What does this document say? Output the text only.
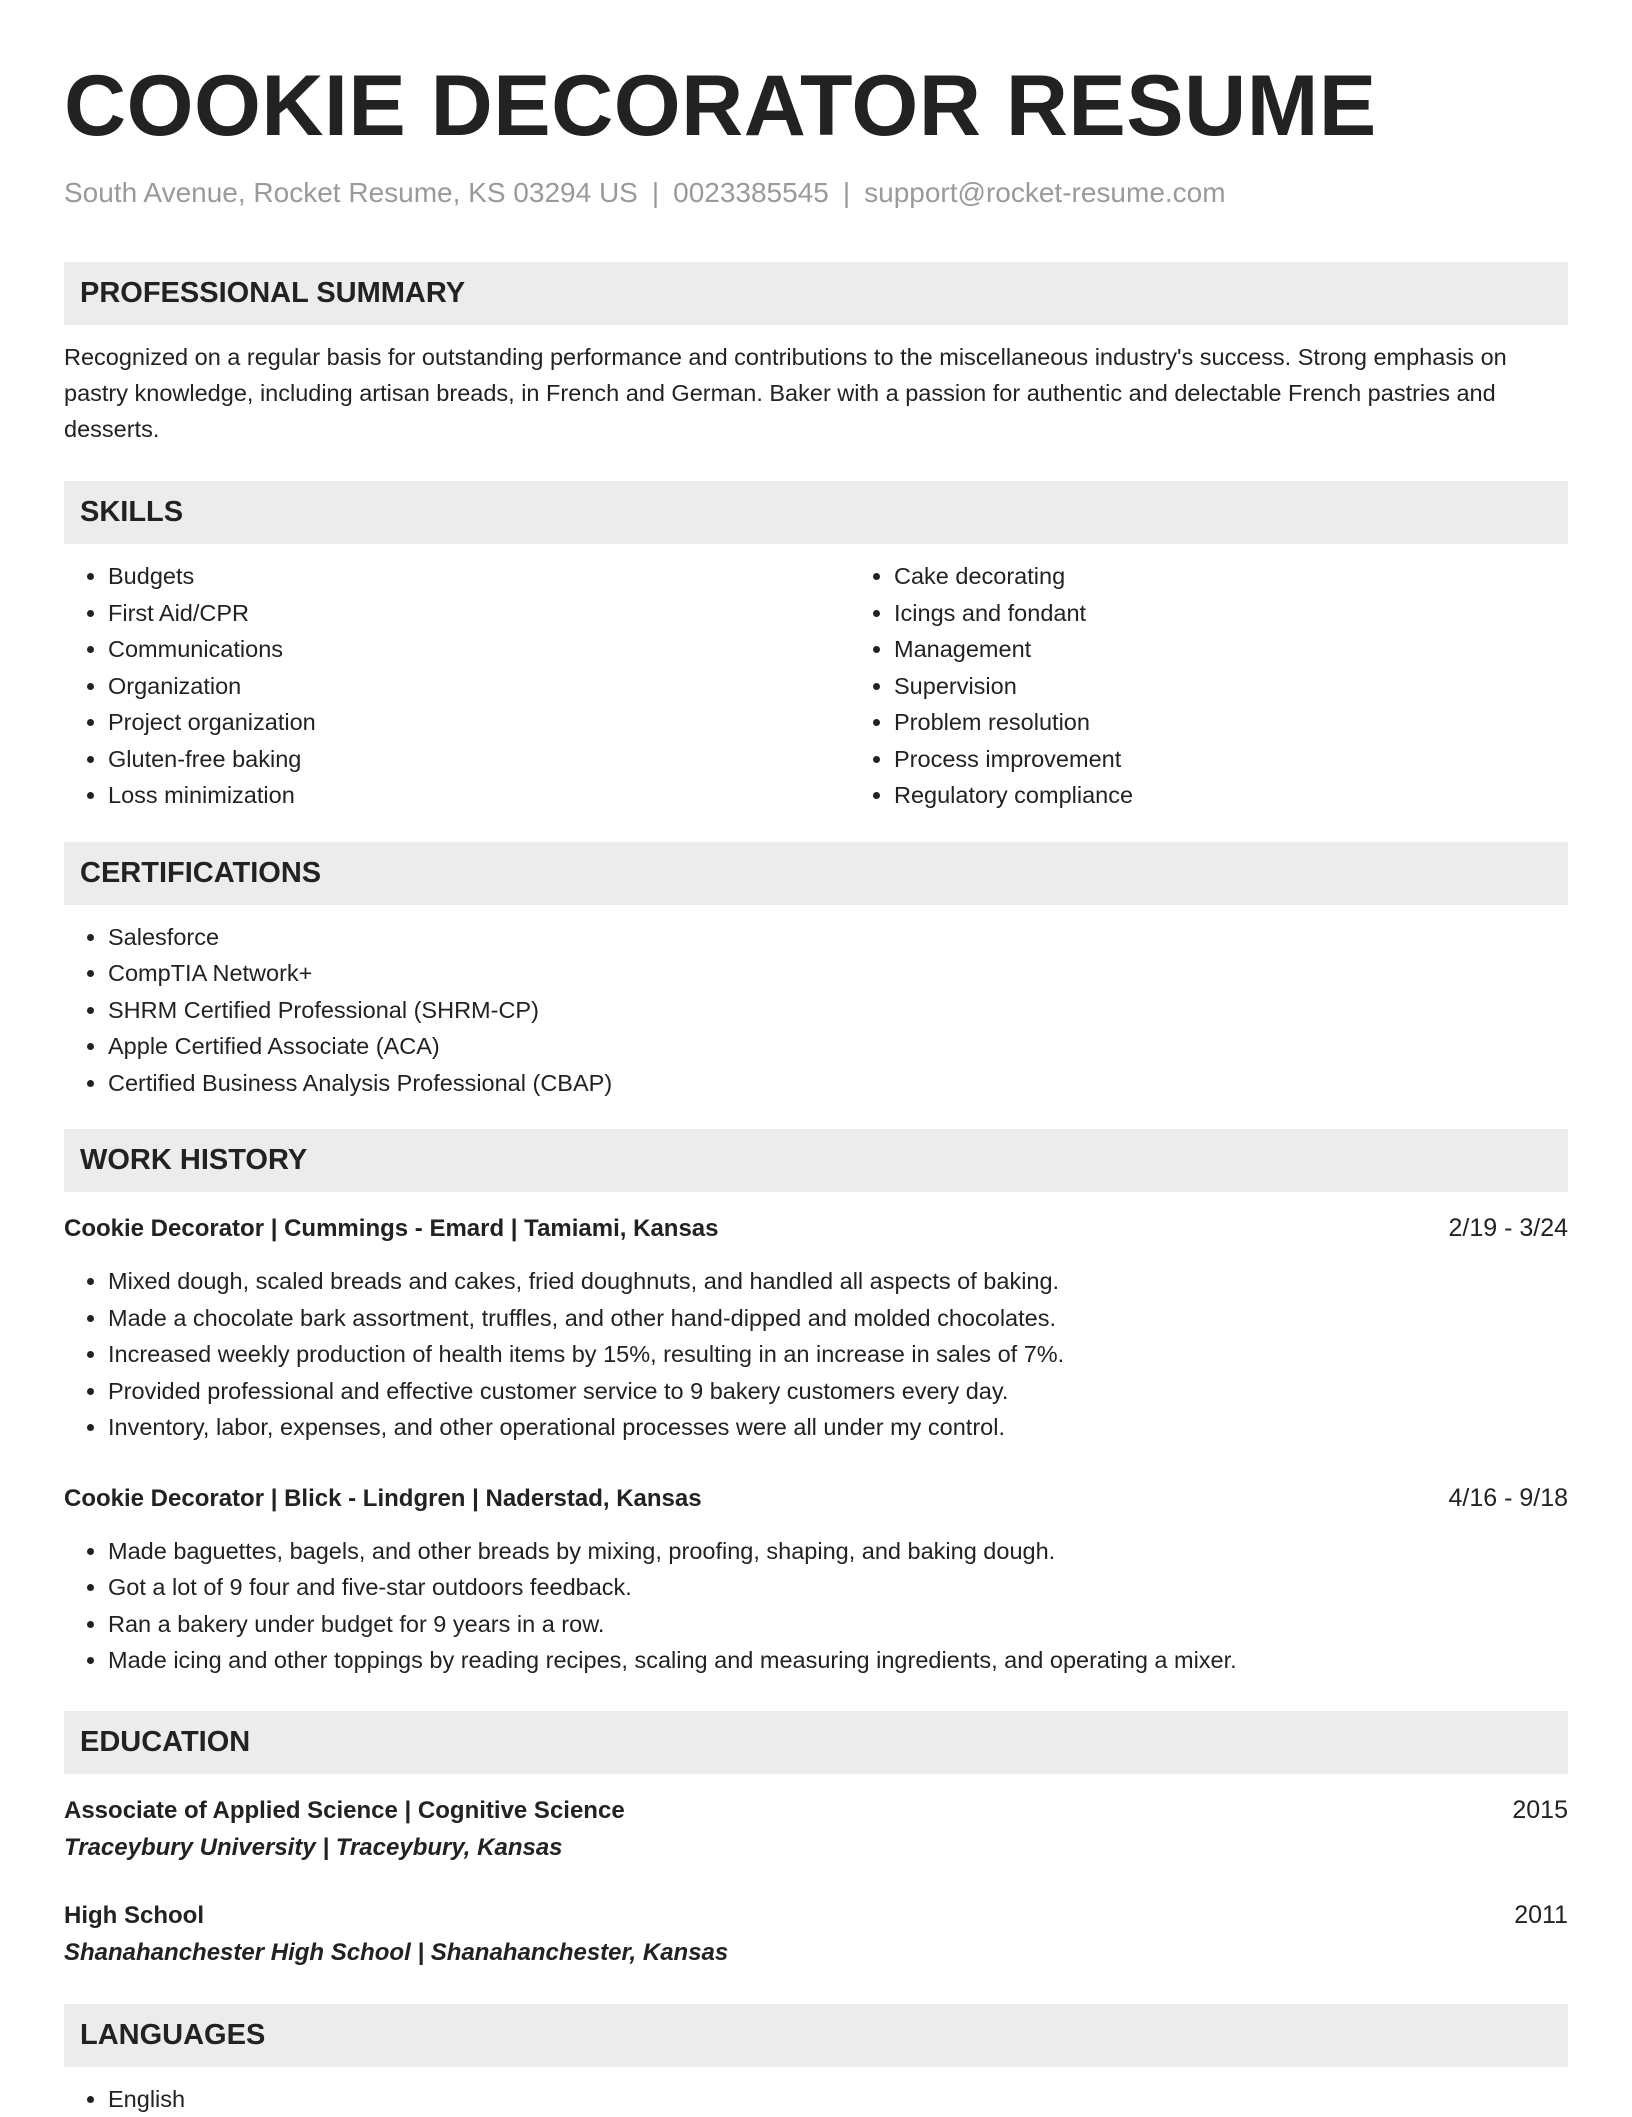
COOKIE DECORATOR RESUME
South Avenue, Rocket Resume, KS 03294 US | 0023385545 | support@rocket-resume.com
PROFESSIONAL SUMMARY
Recognized on a regular basis for outstanding performance and contributions to the miscellaneous industry's success. Strong emphasis on pastry knowledge, including artisan breads, in French and German. Baker with a passion for authentic and delectable French pastries and desserts.
SKILLS
• Budgets
• First Aid/CPR
• Communications
• Organization
• Project organization
• Gluten-free baking
• Loss minimization
• Cake decorating
• Icings and fondant
• Management
• Supervision
• Problem resolution
• Process improvement
• Regulatory compliance
CERTIFICATIONS
• Salesforce
• CompTIA Network+
• SHRM Certified Professional (SHRM-CP)
• Apple Certified Associate (ACA)
• Certified Business Analysis Professional (CBAP)
WORK HISTORY
Cookie Decorator | Cummings - Emard | Tamiami, Kansas	2/19 - 3/24
• Mixed dough, scaled breads and cakes, fried doughnuts, and handled all aspects of baking.
• Made a chocolate bark assortment, truffles, and other hand-dipped and molded chocolates.
• Increased weekly production of health items by 15%, resulting in an increase in sales of 7%.
• Provided professional and effective customer service to 9 bakery customers every day.
• Inventory, labor, expenses, and other operational processes were all under my control.
Cookie Decorator | Blick - Lindgren | Naderstad, Kansas	4/16 - 9/18
• Made baguettes, bagels, and other breads by mixing, proofing, shaping, and baking dough.
• Got a lot of 9 four and five-star outdoors feedback.
• Ran a bakery under budget for 9 years in a row.
• Made icing and other toppings by reading recipes, scaling and measuring ingredients, and operating a mixer.
EDUCATION
Associate of Applied Science | Cognitive Science	2015
Traceybury University | Traceybury, Kansas
High School	2011
Shanahanchester High School | Shanahanchester, Kansas
LANGUAGES
• English
